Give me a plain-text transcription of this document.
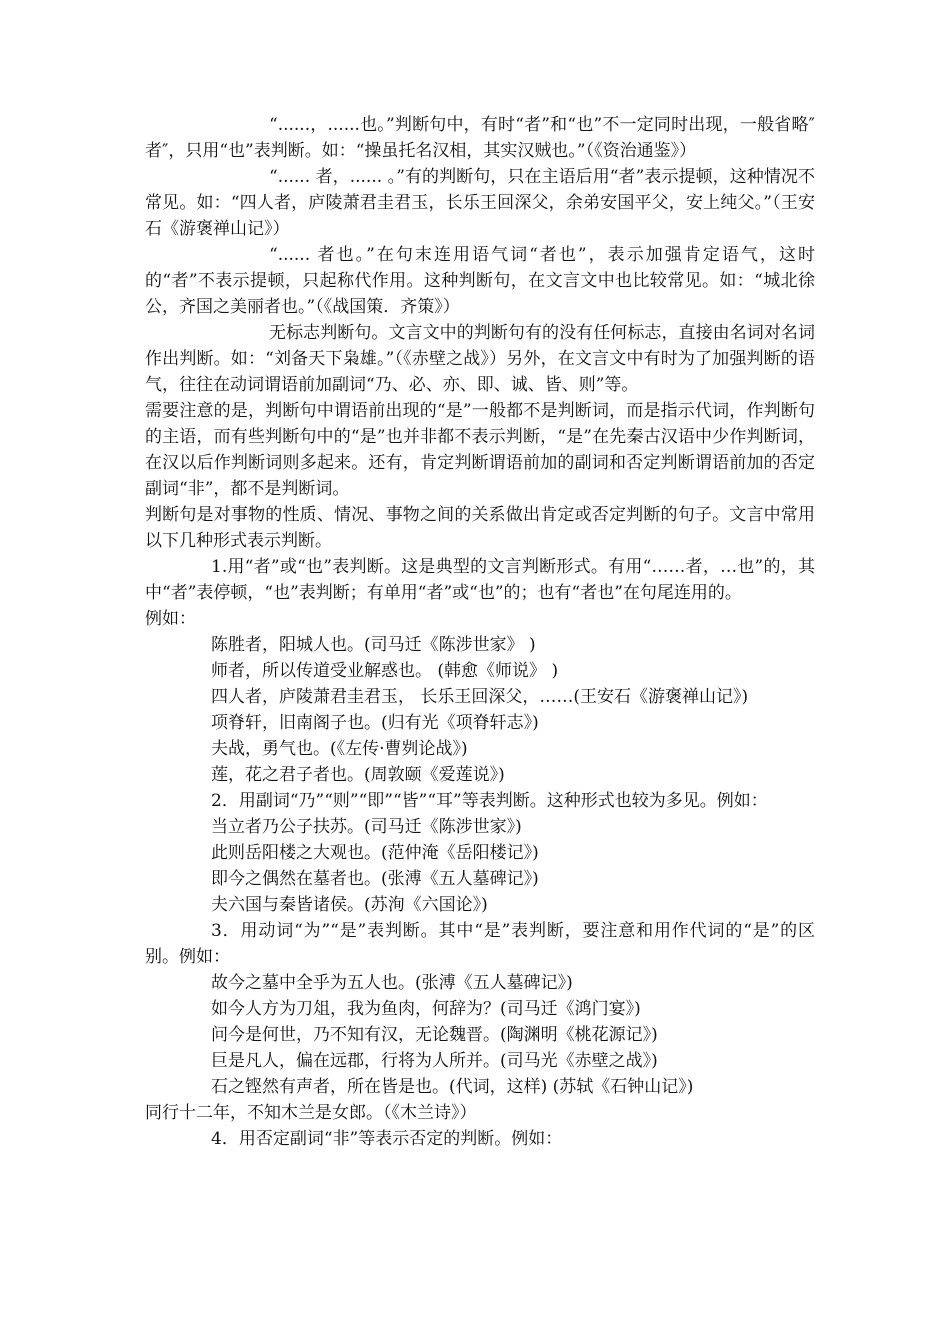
“......，......也。”判断句中，有时“者”和“也”不一定同时出现，一般省略″者″，只用“也”表判断。如：“操虽托名汉相，其实汉贼也。”（《资治通鉴》）

“...... 者，...... 。”有的判断句，只在主语后用“者”表示提顿，这种情况不常见。如：“四人者，庐陵萧君圭君玉，长乐王回深父，余弟安国平父，安上纯父。”（王安石《游褒禅山记》）

“...... 者也。”在句末连用语气词“者也”，表示加强肯定语气，这时的“者”不表示提顿，只起称代作用。这种判断句，在文言文中也比较常见。如：“城北徐公，齐国之美丽者也。”（《战国策．齐策》）

无标志判断句。文言文中的判断句有的没有任何标志，直接由名词对名词作出判断。如：“刘备天下枭雄。”（《赤壁之战》）另外，在文言文中有时为了加强判断的语气，往往在动词谓语前加副词“乃、必、亦、即、诚、皆、则”等。

需要注意的是，判断句中谓语前出现的“是”一般都不是判断词，而是指示代词，作判断句的主语，而有些判断句中的“是”也并非都不表示判断，“是”在先秦古汉语中少作判断词，在汉以后作判断词则多起来。还有，肯定判断谓语前加的副词和否定判断谓语前加的否定副词“非”，都不是判断词。

判断句是对事物的性质、情况、事物之间的关系做出肯定或否定判断的句子。文言中常用以下几种形式表示判断。

1.用“者”或“也”表判断。这是典型的文言判断形式。有用“……者，…也”的，其中“者”表停顿，“也”表判断；有单用“者”或“也”的；也有“者也”在句尾连用的。

例如：

陈胜者，阳城人也。(司马迁《陈涉世家》 )

师者，所以传道受业解惑也。 (韩愈《师说》 )

四人者，庐陵萧君圭君玉， 长乐王回深父，……(王安石《游褒禅山记》)

项脊轩，旧南阁子也。(归有光《项脊轩志》)

夫战，勇气也。(《左传·曹刿论战》)

莲，花之君子者也。(周敦颐《爱莲说》)

2．用副词“乃”“则”“即”“皆”“耳”等表判断。这种形式也较为多见。例如：

当立者乃公子扶苏。(司马迁《陈涉世家》)

此则岳阳楼之大观也。(范仲淹《岳阳楼记》)

即今之偶然在墓者也。(张溥《五人墓碑记》)

夫六国与秦皆诸侯。(苏洵《六国论》)

3．用动词“为”“是”表判断。其中“是”表判断，要注意和用作代词的“是”的区别。例如：

故今之墓中全乎为五人也。(张溥《五人墓碑记》)

如今人方为刀俎，我为鱼肉，何辞为？(司马迁《鸿门宴》)

问今是何世，乃不知有汉，无论魏晋。(陶渊明《桃花源记》)

巨是凡人，偏在远郡，行将为人所并。(司马光《赤壁之战》)

石之铿然有声者，所在皆是也。(代词，这样) (苏轼《石钟山记》)

同行十二年，不知木兰是女郎。（《木兰诗》）

4．用否定副词“非”等表示否定的判断。例如：
